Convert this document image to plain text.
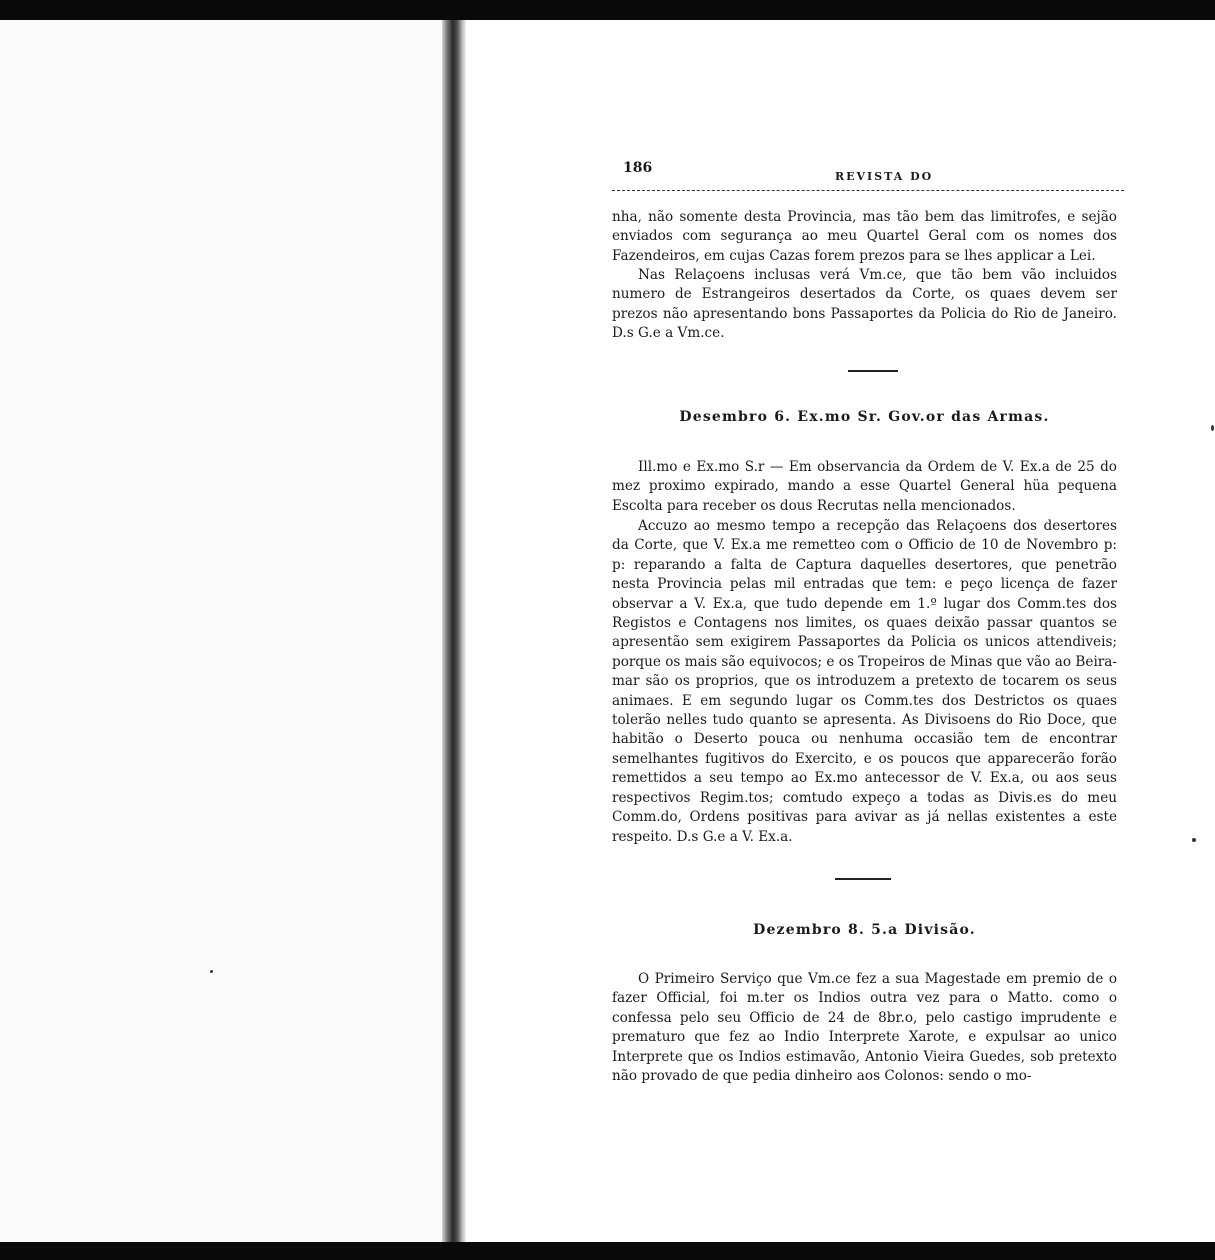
186
REVISTA DO

nha, não somente desta Provincia, mas tão bem das limitrofes, e sejão enviados com segurança ao meu Quartel Geral com os nomes dos Fazendeiros, em cujas Cazas forem prezos para se lhes applicar a Lei.

Nas Relaçoens inclusas verá Vm.ce, que tão bem vão incluidos numero de Estrangeiros desertados da Corte, os quaes devem ser prezos não apresentando bons Passaportes da Policia do Rio de Janeiro. D.s G.e a Vm.ce.

Desembro 6. Ex.mo Sr. Gov.or das Armas.

Ill.mo e Ex.mo S.r — Em observancia da Ordem de V. Ex.a de 25 do mez proximo expirado, mando a esse Quartel General hüa pequena Escolta para receber os dous Recrutas nella mencionados.

Accuzo ao mesmo tempo a recepção das Relaçoens dos desertores da Corte, que V. Ex.a me remetteo com o Officio de 10 de Novembro p: p: reparando a falta de Captura daquelles desertores, que penetrão nesta Provincia pelas mil entradas que tem: e peço licença de fazer observar a V. Ex.a, que tudo depende em 1.º lugar dos Comm.tes dos Registos e Contagens nos limites, os quaes deixão passar quantos se apresentão sem exigirem Passaportes da Policia os unicos attendiveis; porque os mais são equivocos; e os Tropeiros de Minas que vão ao Beira-mar são os proprios, que os introduzem a pretexto de tocarem os seus animaes. E em segundo lugar os Comm.tes dos Destrictos os quaes tolerão nelles tudo quanto se apresenta. As Divisoens do Rio Doce, que habitão o Deserto pouca ou nenhuma occasião tem de encontrar semelhantes fugitivos do Exercito, e os poucos que apparecerão forão remettidos a seu tempo ao Ex.mo antecessor de V. Ex.a, ou aos seus respectivos Regim.tos; comtudo expeço a todas as Divis.es do meu Comm.do, Ordens positivas para avivar as já nellas existentes a este respeito. D.s G.e a V. Ex.a.

Dezembro 8. 5.a Divisão.

O Primeiro Serviço que Vm.ce fez a sua Magestade em premio de o fazer Official, foi m.ter os Indios outra vez para o Matto. como o confessa pelo seu Officio de 24 de 8br.o, pelo castigo imprudente e prematuro que fez ao Indio Interprete Xarote, e expulsar ao unico Interprete que os Indios estimavão, Antonio Vieira Guedes, sob pretexto não provado de que pedia dinheiro aos Colonos: sendo o mo-
